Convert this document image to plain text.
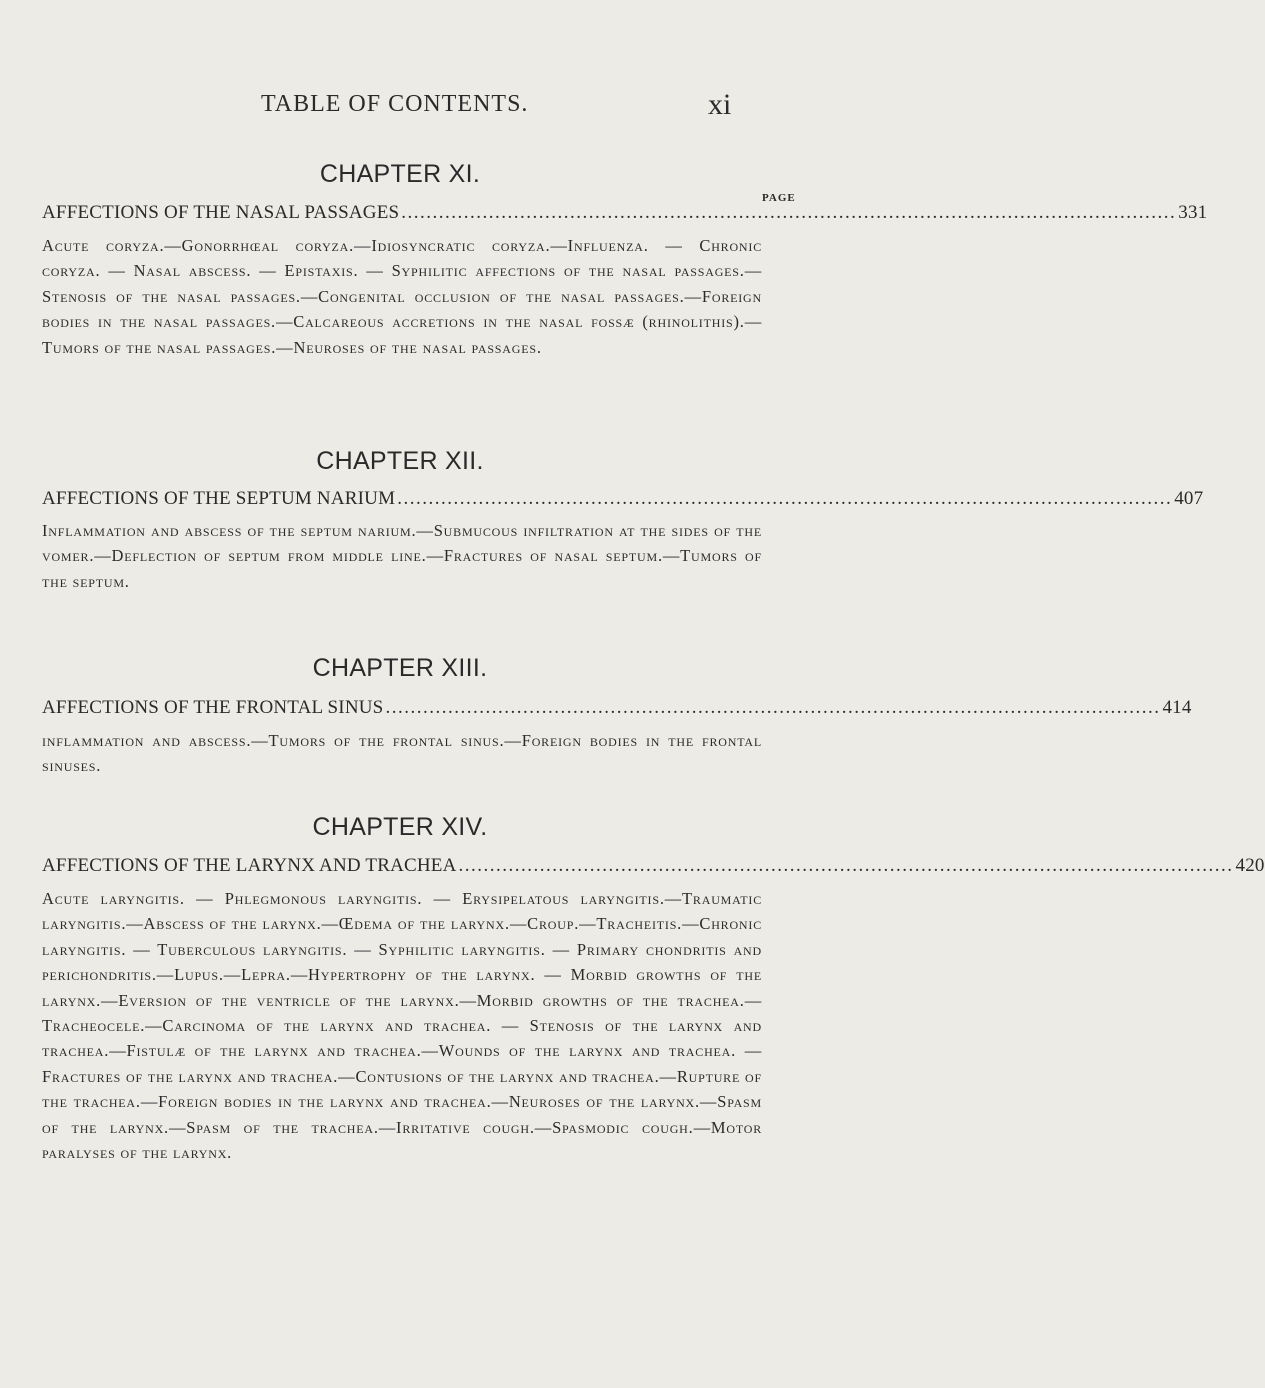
TABLE OF CONTENTS.	xi
CHAPTER XI.
PAGE
AFFECTIONS OF THE NASAL PASSAGES ............................................................................................................................ 331
Acute coryza.—Gonorrhœal coryza.—Idiosyncratic coryza.—Influenza. — Chronic coryza. — Nasal abscess. — Epistaxis. — Syphilitic affections of the nasal passages.—Stenosis of the nasal passages.—Congenital occlusion of the nasal passages.—Foreign bodies in the nasal passages.—Calcareous accretions in the nasal fossæ (rhinolithis).—Tumors of the nasal passages.—Neuroses of the nasal passages.
CHAPTER XII.
AFFECTIONS OF THE SEPTUM NARIUM ............................................................................................................................ 407
Inflammation and abscess of the septum narium.—Submucous infiltration at the sides of the vomer.—Deflection of septum from middle line.—Fractures of nasal septum.—Tumors of the septum.
CHAPTER XIII.
AFFECTIONS OF THE FRONTAL SINUS ............................................................................................................................ 414
inflammation and abscess.—Tumors of the frontal sinus.—Foreign bodies in the frontal sinuses.
CHAPTER XIV.
AFFECTIONS OF THE LARYNX AND TRACHEA ............................................................................................................................ 420
Acute laryngitis. — Phlegmonous laryngitis. — Erysipelatous laryngitis.—Traumatic laryngitis.—Abscess of the larynx.—Œdema of the larynx.—Croup.—Tracheitis.—Chronic laryngitis. — Tuberculous laryngitis. — Syphilitic laryngitis. — Primary chondritis and perichondritis.—Lupus.—Lepra.—Hypertrophy of the larynx. — Morbid growths of the larynx.—Eversion of the ventricle of the larynx.—Morbid growths of the trachea.—Tracheocele.—Carcinoma of the larynx and trachea. — Stenosis of the larynx and trachea.—Fistulæ of the larynx and trachea.—Wounds of the larynx and trachea. — Fractures of the larynx and trachea.—Contusions of the larynx and trachea.—Rupture of the trachea.—Foreign bodies in the larynx and trachea.—Neuroses of the larynx.—Spasm of the larynx.—Spasm of the trachea.—Irritative cough.—Spasmodic cough.—Motor paralyses of the larynx.
